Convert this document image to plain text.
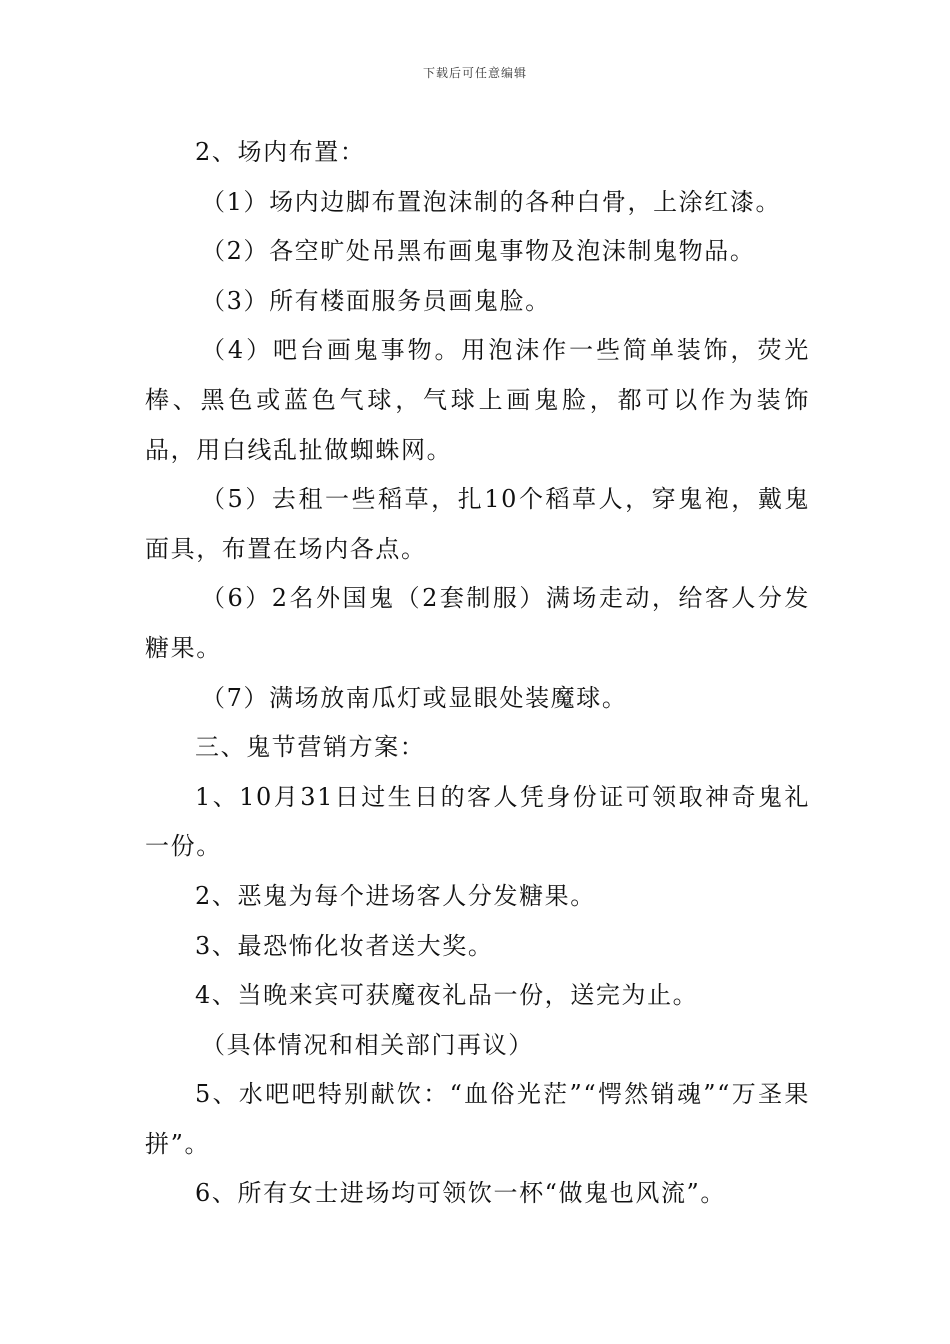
下载后可任意编辑

2、场内布置：

（1）场内边脚布置泡沫制的各种白骨，上涂红漆。

（2）各空旷处吊黑布画鬼事物及泡沫制鬼物品。

（3）所有楼面服务员画鬼脸。

（4）吧台画鬼事物。用泡沫作一些简单装饰，荧光棒、黑色或蓝色气球，气球上画鬼脸，都可以作为装饰品，用白线乱扯做蜘蛛网。

（5）去租一些稻草，扎10个稻草人，穿鬼袍，戴鬼面具，布置在场内各点。

（6）2名外国鬼（2套制服）满场走动，给客人分发糖果。

（7）满场放南瓜灯或显眼处装魔球。

三、鬼节营销方案：

1、10月31日过生日的客人凭身份证可领取神奇鬼礼一份。

2、恶鬼为每个进场客人分发糖果。

3、最恐怖化妆者送大奖。

4、当晚来宾可获魔夜礼品一份，送完为止。

（具体情况和相关部门再议）

5、水吧吧特别献饮：“血俗光茫”“愕然销魂”“万圣果拼”。

6、所有女士进场均可领饮一杯“做鬼也风流”。
